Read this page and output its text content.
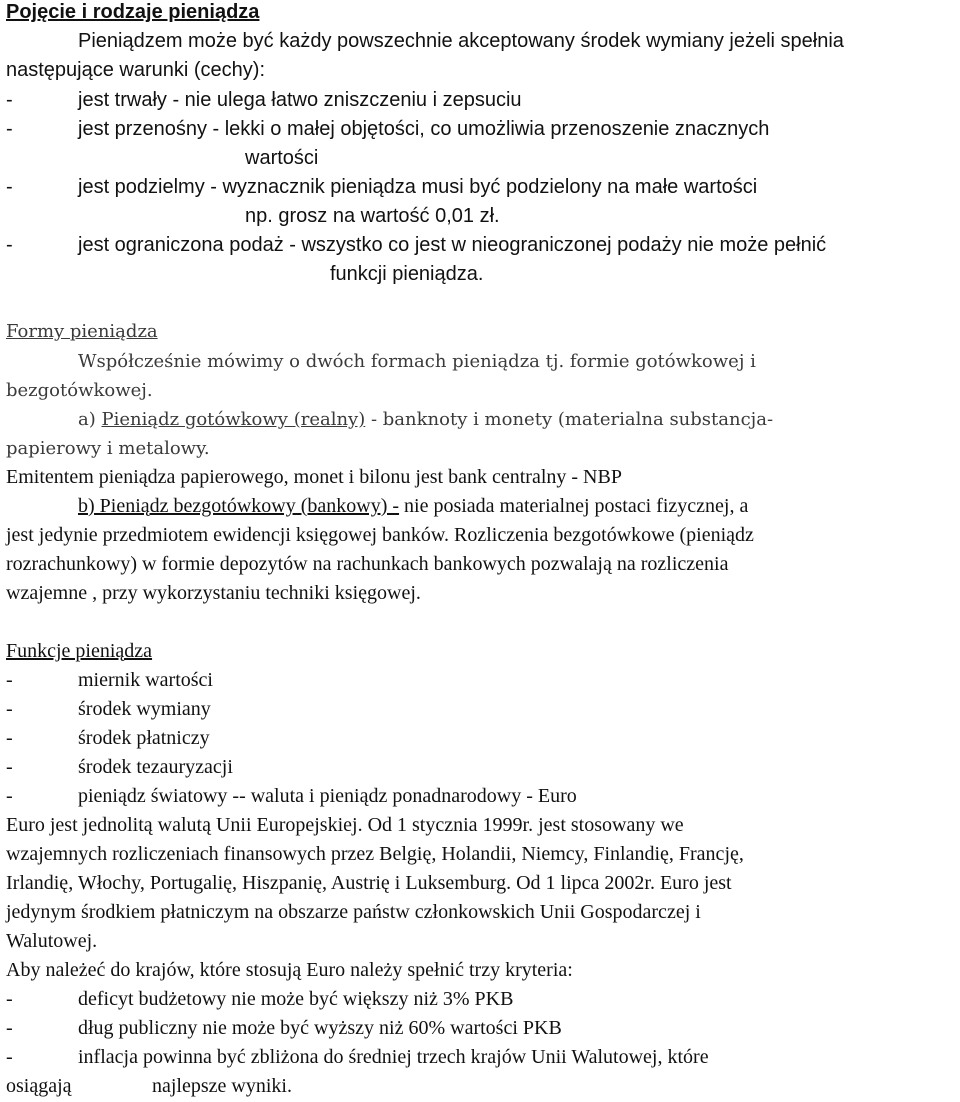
Pojęcie i rodzaje pieniądza
Pieniądzem może być każdy powszechnie akceptowany środek wymiany jeżeli spełnia
następujące warunki (cechy):
-	jest trwały - nie ulega łatwo zniszczeniu i zepsuciu
-	jest przenośny - lekki o małej objętości, co umożliwia przenoszenie znacznych
wartości
-	jest podzielmy - wyznacznik pieniądza musi być podzielony na małe wartości
np. grosz na wartość 0,01 zł.
-	jest ograniczona podaż - wszystko co jest w nieograniczonej podaży nie może pełnić
funkcji pieniądza.
Formy pieniądza
Współcześnie mówimy o dwóch formach pieniądza tj. formie gotówkowej i
bezgotówkowej.
a) Pieniądz gotówkowy (realny) - banknoty i monety (materialna substancja-
papierowy i metalowy.
Emitentem pieniądza papierowego, monet i bilonu jest bank centralny - NBP
b) Pieniądz bezgotówkowy (bankowy) - nie posiada materialnej postaci fizycznej, a
jest jedynie przedmiotem ewidencji księgowej banków. Rozliczenia bezgotówkowe (pieniądz
rozrachunkowy) w formie depozytów na rachunkach bankowych pozwalają na rozliczenia
wzajemne , przy wykorzystaniu techniki księgowej.
Funkcje pieniądza
-	miernik wartości
-	środek wymiany
-	środek płatniczy
-	środek tezauryzacji
-	pieniądz światowy -- waluta i pieniądz ponadnarodowy - Euro
Euro jest jednolitą walutą Unii Europejskiej. Od 1 stycznia 1999r. jest stosowany we
wzajemnych rozliczeniach finansowych przez Belgię, Holandii, Niemcy, Finlandię, Francję,
Irlandię, Włochy, Portugalię, Hiszpanię, Austrię i Luksemburg. Od 1 lipca 2002r. Euro jest
jedynym środkiem płatniczym na obszarze państw członkowskich Unii Gospodarczej i
Walutowej.
Aby należeć do krajów, które stosują Euro należy spełnić trzy kryteria:
-	deficyt budżetowy nie może być większy niż 3% PKB
-	dług publiczny nie może być wyższy niż 60% wartości PKB
-	inflacja powinna być zbliżona do średniej trzech krajów Unii Walutowej, które
osiągają	najlepsze wyniki.
